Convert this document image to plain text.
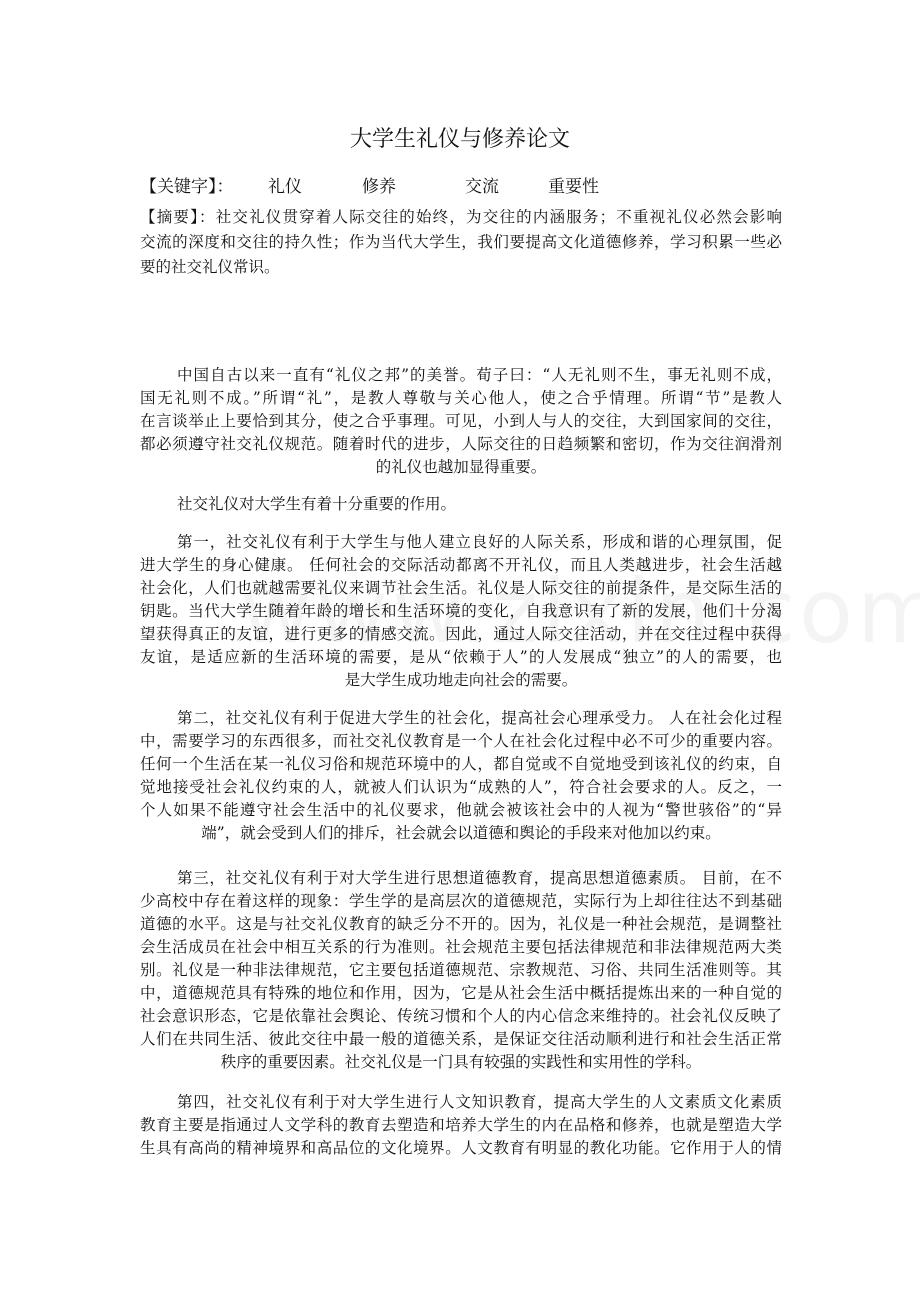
大学生礼仪与修养论文
【关键字】： 礼仪	修养	交流	重要性
【摘要】：社交礼仪贯穿着人际交往的始终，为交往的内涵服务；不重视礼仪必然会影响
交流的深度和交往的持久性；作为当代大学生，我们要提高文化道德修养，学习积累一些必
要的社交礼仪常识。
中国自古以来一直有“礼仪之邦”的美誉。荀子曰：“人无礼则不生，事无礼则不成，
国无礼则不成。”所谓“礼”，是教人尊敬与关心他人，使之合乎情理。所谓“节”是教人
在言谈举止上要恰到其分，使之合乎事理。可见，小到人与人的交往，大到国家间的交往，
都必须遵守社交礼仪规范。随着时代的进步，人际交往的日趋频繁和密切，作为交往润滑剂
的礼仪也越加显得重要。
社交礼仪对大学生有着十分重要的作用。
第一，社交礼仪有利于大学生与他人建立良好的人际关系，形成和谐的心理氛围，促
进大学生的身心健康。 任何社会的交际活动都离不开礼仪，而且人类越进步，社会生活越
社会化，人们也就越需要礼仪来调节社会生活。礼仪是人际交往的前提条件，是交际生活的
钥匙。当代大学生随着年龄的增长和生活环境的变化，自我意识有了新的发展，他们十分渴
望获得真正的友谊，进行更多的情感交流。因此，通过人际交往活动，并在交往过程中获得
友谊，是适应新的生活环境的需要，是从“依赖于人”的人发展成“独立”的人的需要，也
是大学生成功地走向社会的需要。
第二，社交礼仪有利于促进大学生的社会化，提高社会心理承受力。 人在社会化过程
中，需要学习的东西很多，而社交礼仪教育是一个人在社会化过程中必不可少的重要内容。
任何一个生活在某一礼仪习俗和规范环境中的人，都自觉或不自觉地受到该礼仪的约束，自
觉地接受社会礼仪约束的人，就被人们认识为“成熟的人”，符合社会要求的人。反之，一
个人如果不能遵守社会生活中的礼仪要求，他就会被该社会中的人视为“警世骇俗”的“异
端”，就会受到人们的排斥，社会就会以道德和舆论的手段来对他加以约束。
第三，社交礼仪有利于对大学生进行思想道德教育，提高思想道德素质。 目前，在不
少高校中存在着这样的现象：学生学的是高层次的道德规范，实际行为上却往往达不到基础
道德的水平。这是与社交礼仪教育的缺乏分不开的。因为，礼仪是一种社会规范，是调整社
会生活成员在社会中相互关系的行为准则。社会规范主要包括法律规范和非法律规范两大类
别。礼仪是一种非法律规范，它主要包括道德规范、宗教规范、习俗、共同生活准则等。其
中，道德规范具有特殊的地位和作用，因为，它是从社会生活中概括提炼出来的一种自觉的
社会意识形态，它是依靠社会舆论、传统习惯和个人的内心信念来维持的。社会礼仪反映了
人们在共同生活、彼此交往中最一般的道德关系，是保证交往活动顺利进行和社会生活正常
秩序的重要因素。社交礼仪是一门具有较强的实践性和实用性的学科。
第四，社交礼仪有利于对大学生进行人文知识教育，提高大学生的人文素质文化素质
教育主要是指通过人文学科的教育去塑造和培养大学生的内在品格和修养，也就是塑造大学
生具有高尚的精神境界和高品位的文化境界。人文教育有明显的教化功能。它作用于人的情
